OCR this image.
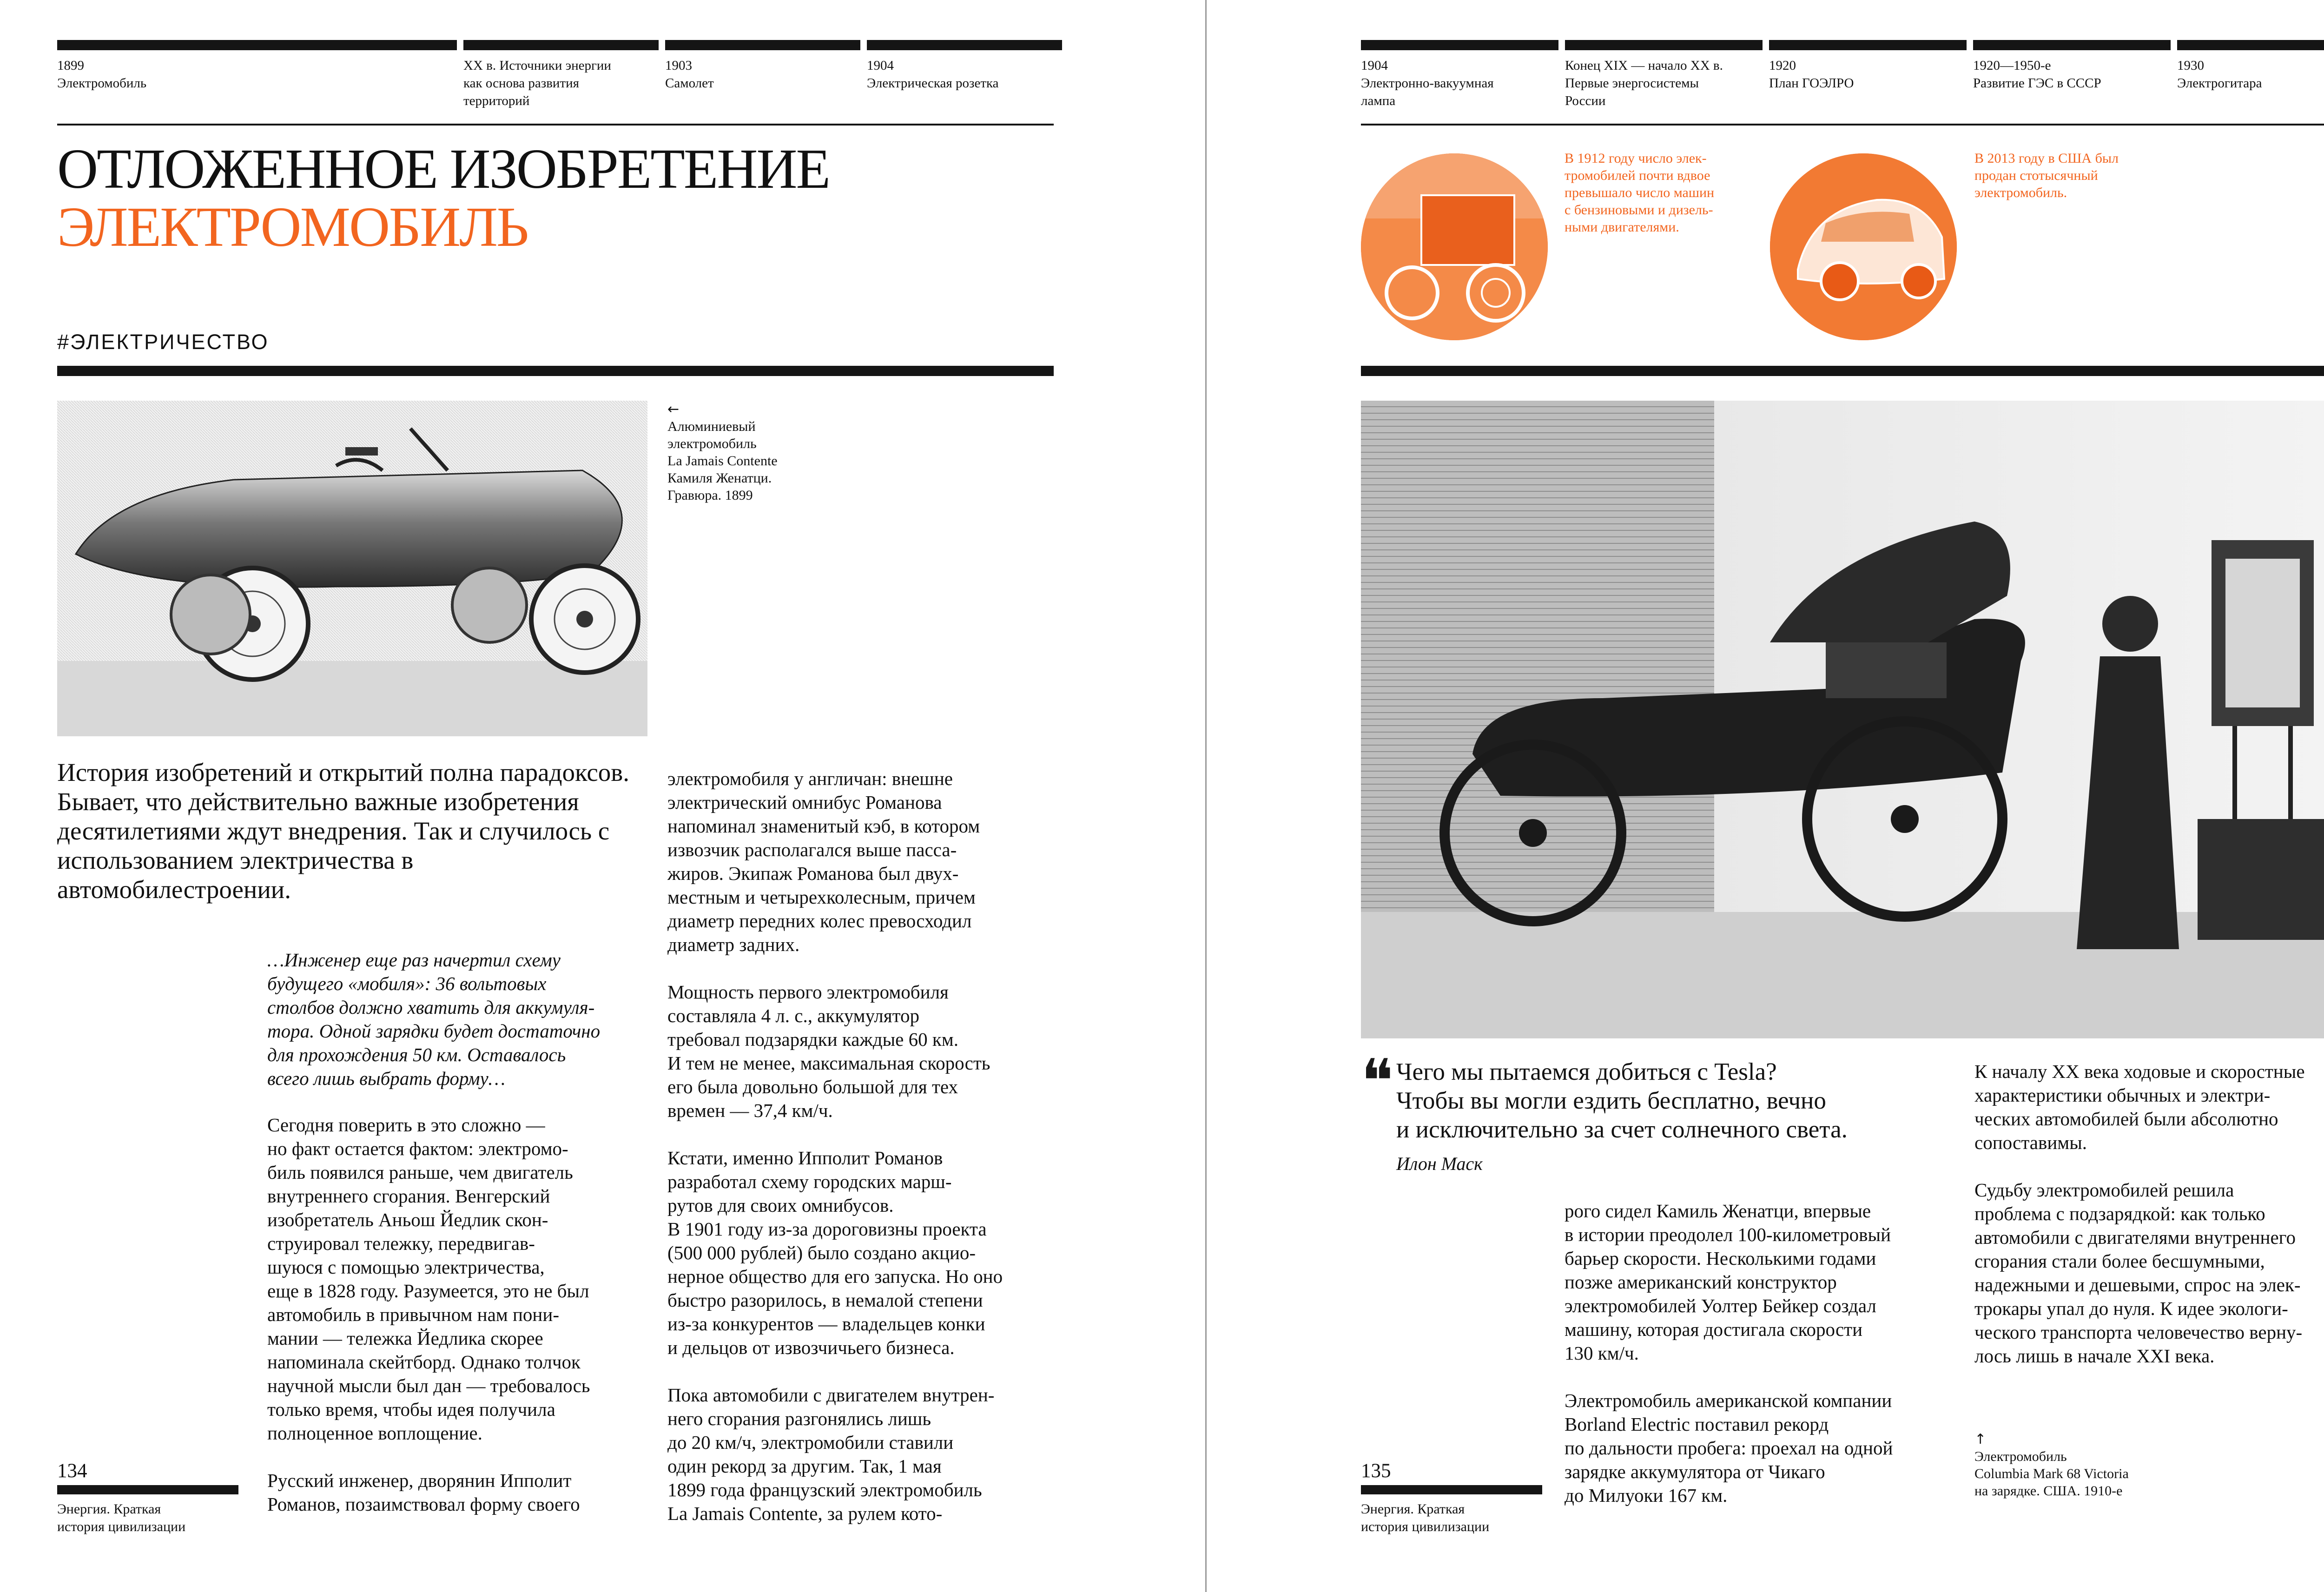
1899
Электромобиль
XX в. Источники энергии
как основа развития
территорий
1903
Самолет
1904
Электрическая розетка
ОТЛОЖЕННОЕ ИЗОБРЕТЕНИЕ
ЭЛЕКТРОМОБИЛЬ
#ЭЛЕКТРИЧЕСТВО
←
Алюминиевый
электромобиль
La Jamais Contente
Камиля Женатци.
Гравюра. 1899
История изобретений и открытий полна парадоксов. Бывает, что действительно важные изобретения десятилетиями ждут внедрения. Так и случилось с использованием электричества в автомобилестроении.

…Инженер еще раз начертил схему
будущего «мобиля»: 36 вольтовых
столбов должно хватить для аккумуля-
тора. Одной зарядки будет достаточно
для прохождения 50 км. Оставалось
всего лишь выбрать форму…

Сегодня поверить в это сложно —
но факт остается фактом: электромо-
биль появился раньше, чем двигатель
внутреннего сгорания. Венгерский
изобретатель Аньош Йедлик скон-
струировал тележку, передвигав-
шуюся с помощью электричества,
еще в 1828 году. Разумеется, это не был
автомобиль в привычном нам пони-
мании — тележка Йедлика скорее
напоминала скейтборд. Однако толчок
научной мысли был дан — требовалось
только время, чтобы идея получила
полноценное воплощение.

Русский инженер, дворянин Ипполит
Романов, позаимствовал форму своего

электромобиля у англичан: внешне
электрический омнибус Романова
напоминал знаменитый кэб, в котором
извозчик располагался выше пасса-
жиров. Экипаж Романова был двух-
местным и четырехколесным, причем
диаметр передних колес превосходил
диаметр задних.

Мощность первого электромобиля
составляла 4 л. с., аккумулятор
требовал подзарядки каждые 60 км.
И тем не менее, максимальная скорость
его была довольно большой для тех
времен — 37,4 км/ч.

Кстати, именно Ипполит Романов
разработал схему городских марш-
рутов для своих омнибусов.
В 1901 году из-за дороговизны проекта
(500 000 рублей) было создано акцио-
нерное общество для его запуска. Но оно
быстро разорилось, в немалой степени
из-за конкурентов — владельцев конки
и дельцов от извозчичьего бизнеса.

Пока автомобили с двигателем внутрен-
него сгорания разгонялись лишь
до 20 км/ч, электромобили ставили
один рекорд за другим. Так, 1 мая
1899 года французский электромобиль
La Jamais Contente, за рулем кото-

134
Энергия. Краткая
история цивилизации
1904
Электронно-вакуумная
лампа
Конец XIX — начало XX в.
Первые энергосистемы
России
1920
План ГОЭЛРО
1920—1950-е
Развитие ГЭС в СССР
1930
Электрогитара
В 1912 году число элек-
тромобилей почти вдвое
превышало число машин
с бензиновыми и дизель-
ными двигателями.
В 2013 году в США был
продан стотысячный
электромобиль.
❝ Чего мы пытаемся добиться с Tesla?
Чтобы вы могли ездить бесплатно, вечно
и исключительно за счет солнечного света.
Илон Маск

рого сидел Камиль Женатци, впервые
в истории преодолел 100-километровый
барьер скорости. Несколькими годами
позже американский конструктор
электромобилей Уолтер Бейкер создал
машину, которая достигала скорости
130 км/ч.

Электромобиль американской компании
Borland Electric поставил рекорд
по дальности пробега: проехал на одной
зарядке аккумулятора от Чикаго
до Милуоки 167 км.

К началу XX века ходовые и скоростные
характеристики обычных и электри-
ческих автомобилей были абсолютно
сопоставимы.

Судьбу электромобилей решила
проблема с подзарядкой: как только
автомобили с двигателями внутреннего
сгорания стали более бесшумными,
надежными и дешевыми, спрос на элек-
трокары упал до нуля. К идее экологи-
ческого транспорта человечество верну-
лось лишь в начале XXI века.

↑
Электромобиль
Columbia Mark 68 Victoria
на зарядке. США. 1910-е
135
Энергия. Краткая
история цивилизации
